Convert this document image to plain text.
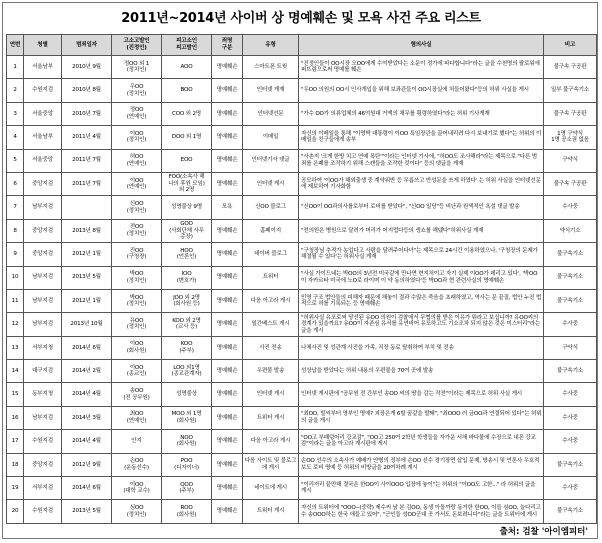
2011년~2014년 사이버 상 명예훼손 및 모욕 사건 주요 리스트
연번	청별	범죄일자	고소고발인
(진정인)	피고소인
피고발인	죄명
구분	유형	혐의사실	비고
1	서울남부	2010년 9월	정OO 외 1
(정치인)	AOO	명예훼손	스마트폰 트윗	"진정인들이 OO시장 오OO에게 수억받았다는 소문이 정가에 파다합니다"라는 글을 수천명의 팔로워에 퍼뜨림으로써 명예를 훼손	불구속 구공판
2	수원지검	2010년 8월	우OO
(정치인)	BOO	명예훼손	인터넷 게재	"우OO 의원의 OO시 인사개입을 위해 보좌관들이 OO시장실에 처들어왔다"등의 허위 사실을 게시	일부 불구속기소
3	서울중앙	2010년 7월	정OO
(연예인)	COO 외 2명	명예훼손	인터넷선문	"가수 OO가 의류업체의 46억원대 거액의 채무를 횡령하였다"라는 허위 기사게재	불구속 구공판
4	서울남부	2011년 4월	이OO
(정치인)	DOO 외 1명	명예훼손	이메일	자신의 이메일을 통해 "이명박 대통령이 이OO 특임장관을 끌어내리려 다시 보내기로 했다"는 허위의 이메일을 친구들에게 송부	1명 구약식
1명 공소권 없음
5	서울중앙	2011년 7월	허OO
(연예인)	EOO	명예훼손	인터넷기사 댓글	"사촌지 '크게 한방 치고 연예 폭탄'"이라는 인터넷 기사에, "허OO도 조사해라"라는 제목으로 "다른 범죄를 은폐를 조작하기 위해 스캔들을 조작한 것이다" 등의 댓글을 게재	구약식
6	중앙지검	2011년 7월	이OO
(연예인)	FOO(소속사 해
나의 후원 모임)
외 2명	명예훼손	인터넷 게시	공모하여 '이OO가 해외출생 중 계약위반 등 무릅쓰고 반성문을 쓰게 하였다' 는 허위 사실을 인터넷선문에 제보하여 기사화함	불구속 구공판
7	남부지검		신OO
(정치인)	성명불상 9명	모욕	신OO 블로그	"신OO이 OO과의사를로부터 로비를 받았다", "신OO 일당"등 비난과 원색적인 욕설 댓글 발송	수사중
8	중앙지검	2013년 8월	전OO
(정치인)	GOO
(사회단체 사무
총장)	명예훼손	홈페이지	"전의원은 병원으로 달려가 머리가 어지럽다등의 생쇼를 해댔다"허위사실 게재	약식기소
9	중앙지검	2012년 1월	진OO
(구청장)	HOO
(언론인)	명예훼손	네이버 블로그	"구청장님 추적가 농업다고 사람을 달려주어다녀"는 제목으로 24시간 이용하였으나, '구청장의 문제가 해결될 수 있다'는 허위사실 게재	불구속기소
10	남부지검	2013년 5월	박OO
(정치인)	IOO
(변호가)	명예훼손	트위터	"사실 가이드네는 박OO의 3년전 미국같에 만나면 현지처이고 자기 실제 이OO가 데리고 있다', '박OO이 자카르타 미국에 노O로 라이며 이 약 동의하였다'등 박OO과 현 관련사실의 명예훼손	불구속기소
11	남부지검	2012년 1월	박OO
(정치인)	JOO 외 2명
(회사원 등)	명예훼손	다음 아고라 게시	민영 구조 법안들의 피해자 때문에 해놓이 결과 수많은 죽음을 초래하였고, 역사는 문 끝질, 법안 누진 법적으로 허를 기록되는 등 명예훼손	불구속기소
12	남부지검	2013년 10월	유OO
(정치인)	KOO 외 2명
(교사 등)	명예훼손	일간베스트 게시	"허위사실 유포로써 당선된 유OO 의원이 검찰에서 무협의를 받은 이유가 뭐라고 보십니까? 유OO씨의 경계가 있을까요? 유OO이 자존심 유서를 유연비어 유포하고도 기소조차 되지 않은 것은 미스터리"라는 글을 게시	수사중
13	서부지청	2014년 6월	이OO
(회사원)	KOO
(주부)	명예훼손	사진 전송	나체사진 및 성관계 사진을 가족, 직장 동료 탈취하여 부치 및 전송	구약식
14	대구지검	2014년 2월	이OO
(종교인)	LOO 외1명
(종교관계자)	명예훼손	우편물 발송	성상납을 받았다는 허위 내용의 우편물을 70여 곳에 발송	불구속기소
15	동부지청	2014년 4월	송OO
(전 공무원)	성명불상	명예훼손	인터넷 게시	인터넷 게시판에 "공무원 전 간부인 송OO 씨의 땅을 감는 작전"이라는 제목으로 허위 사실 게시	수사중
16	남부지검	2014년 3월	최OO
(연예인)	MOO 외 1명
(회사원)	명예훼손	트위터 게시	"최OO, 빌씨부터 영부인 명예? 괴장은게 6할 꿈같을 발돼", "최OOO 러 금OO과 연결되어 있다"는 허위의 글을 게시	수사중
17	수원지검	2014년 4월	안지	NOO
(회사원)	명예훼손	다음 아고라 게시	"OO고 부패덩어리 강교감", "OO고 250여 2학년 학생들을 자가운 서해 바다물에 수장으로 내몬 강교감"이라는 글을 아고라 게시판에 게시	수사중
18	중앙지검	2012년 9월	손OO
(운동선수)	POO
(디자이너)	명예훼손	다음 사이트 및 블로그에 게시	손OO 선수의 소속사가 예배가 얀형의 정부에 손OO 선수 경기장면 삽입 문제, 방송시 및 언론사 우호적 보도 로비 명예 등 허위의 비방글을 20여차례 게시	불구속기소
19	서부지검	2014년 6월	이OO
(대학 교수)	QOO
(주부)	명예훼손	네이트에 게시	"이리저리 끝만해 결국은 한OO이 사이OOO 입장에 놓이"는 허위의 "이OO도 고한..." 라 허위의 글을 게시	수사중
20	수원지검	2013년 5월	심OO
(정치인)	ROO
(회사원)	명예훼손	트위터 게시	자신의 트위터에 "OOO--(중략) 제수씨 남 본 김OO, 동생 아돌까랑 동거한 한OO, 이들 심OO, 늘다리고수 송OOO하는 한국 애들고 있어", "군인들 성OO군대 곳 가서도 돈보려니다"라는 글을 트위터에 게시	불구속기소
출처: 검찰 '아이엠피터'
